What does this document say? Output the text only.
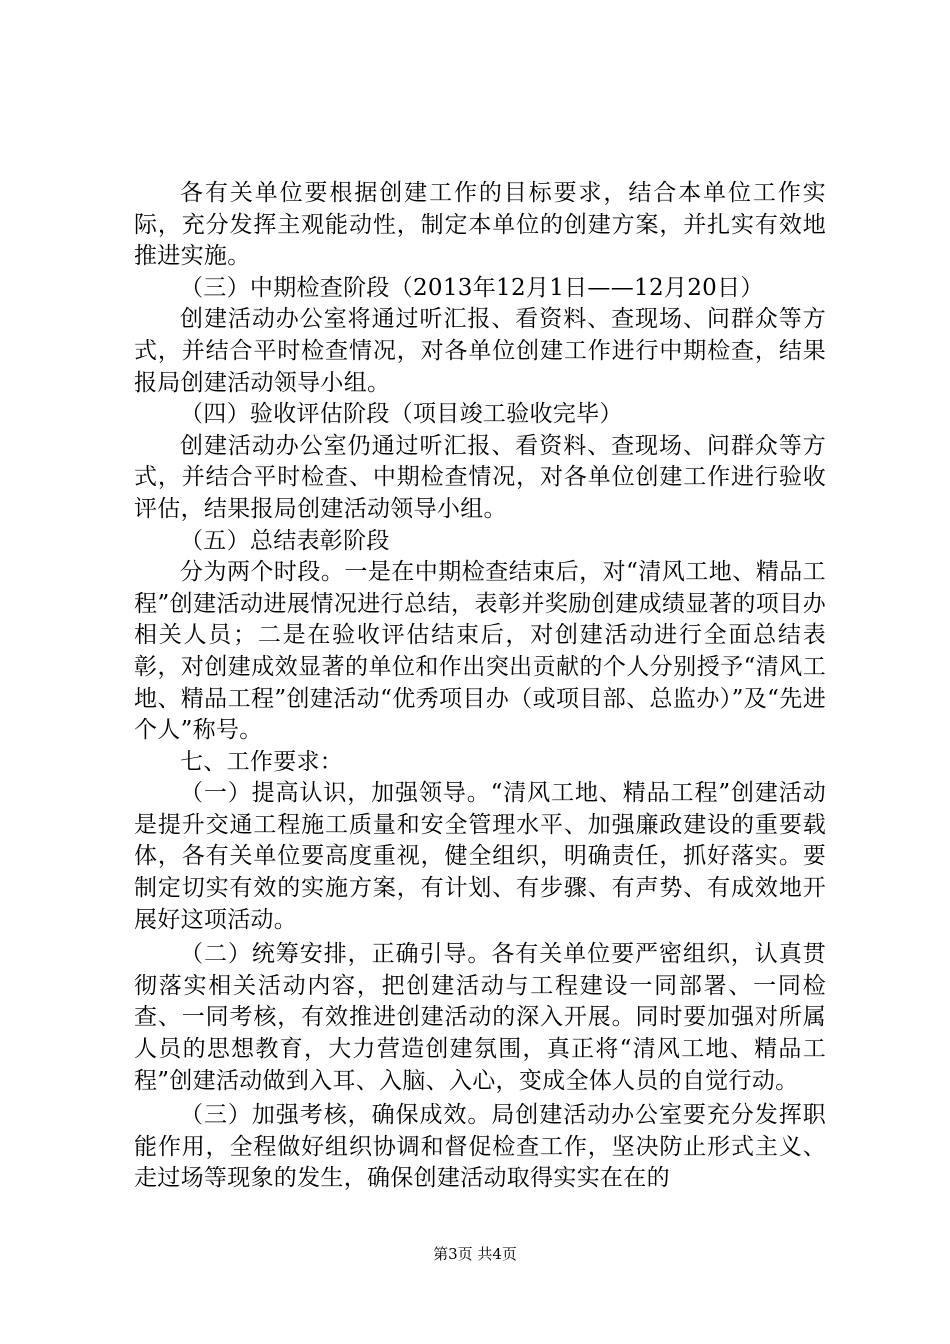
各有关单位要根据创建工作的目标要求，结合本单位工作实际，充分发挥主观能动性，制定本单位的创建方案，并扎实有效地推进实施。

（三）中期检查阶段（2013年12月1日——12月20日）

创建活动办公室将通过听汇报、看资料、查现场、问群众等方式，并结合平时检查情况，对各单位创建工作进行中期检查，结果报局创建活动领导小组。

（四）验收评估阶段（项目竣工验收完毕）

创建活动办公室仍通过听汇报、看资料、查现场、问群众等方式，并结合平时检查、中期检查情况，对各单位创建工作进行验收评估，结果报局创建活动领导小组。

（五）总结表彰阶段

分为两个时段。一是在中期检查结束后，对“清风工地、精品工程”创建活动进展情况进行总结，表彰并奖励创建成绩显著的项目办相关人员；二是在验收评估结束后，对创建活动进行全面总结表彰，对创建成效显著的单位和作出突出贡献的个人分别授予“清风工地、精品工程”创建活动“优秀项目办（或项目部、总监办）”及“先进个人”称号。

七、工作要求：

（一）提高认识，加强领导。“清风工地、精品工程”创建活动是提升交通工程施工质量和安全管理水平、加强廉政建设的重要载体，各有关单位要高度重视，健全组织，明确责任，抓好落实。要制定切实有效的实施方案，有计划、有步骤、有声势、有成效地开展好这项活动。

（二）统筹安排，正确引导。各有关单位要严密组织，认真贯彻落实相关活动内容，把创建活动与工程建设一同部署、一同检查、一同考核，有效推进创建活动的深入开展。同时要加强对所属人员的思想教育，大力营造创建氛围，真正将“清风工地、精品工程”创建活动做到入耳、入脑、入心，变成全体人员的自觉行动。

（三）加强考核，确保成效。局创建活动办公室要充分发挥职能作用，全程做好组织协调和督促检查工作，坚决防止形式主义、走过场等现象的发生，确保创建活动取得实实在在的

第3页 共4页
